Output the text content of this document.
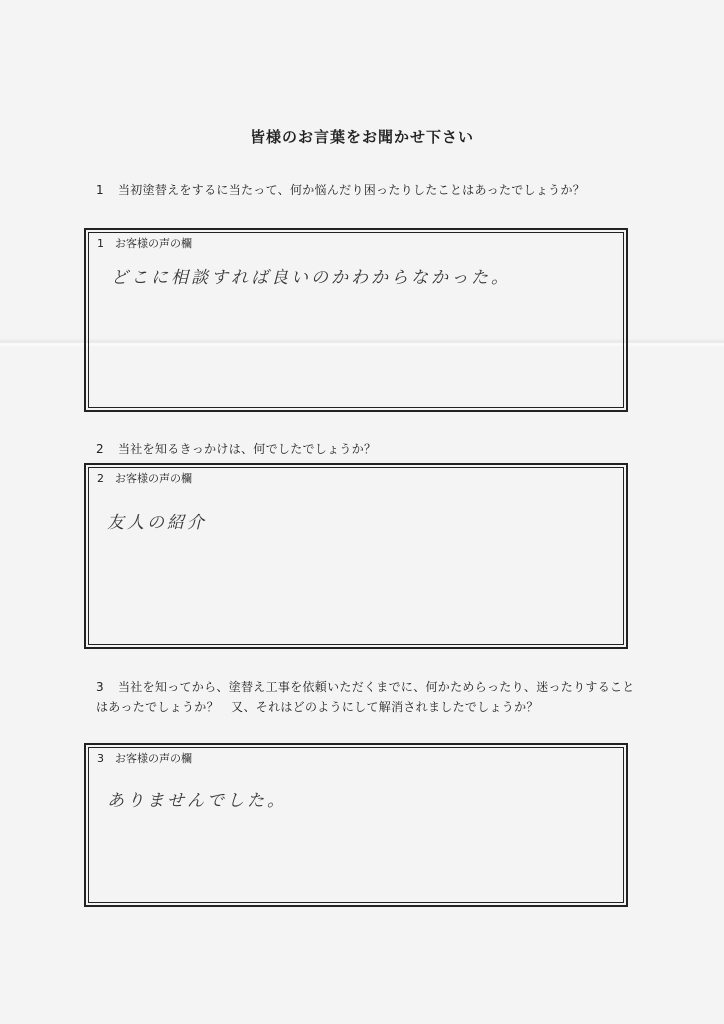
皆様のお言葉をお聞かせ下さい
1 当初塗替えをするに当たって、何か悩んだり困ったりしたことはあったでしょうか？
1 お客様の声の欄
どこに相談すれば良いのかわからなかった。
2 当社を知るきっかけは、何でしたでしょうか？
2 お客様の声の欄
友人の紹介
3 当社を知ってから、塗替え工事を依頼いただくまでに、何かためらったり、迷ったりすることはあったでしょうか？　又、それはどのようにして解消されましたでしょうか？
3 お客様の声の欄
ありませんでした。
